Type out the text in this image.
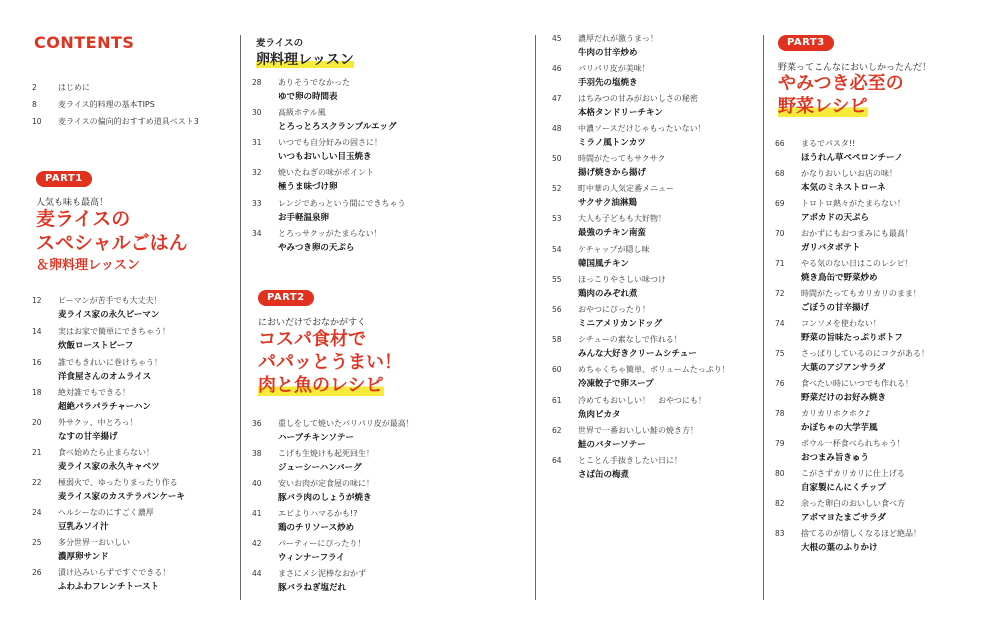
CONTENTS
2	はじめに
8	麦ライス的料理の基本TIPS
10	麦ライスの偏向的おすすめ道具ベスト3
PART1
人気も味も最高！
麦ライスの
スペシャルごはん
＆卵料理レッスン
12	ピーマンが苦手でも大丈夫！
麦ライス家の永久ピーマン
14	実はお家で簡単にできちゃう！
炊飯ローストビーフ
16	誰でもきれいに巻けちゃう！
洋食屋さんのオムライス
18	絶対誰でもできる！
超絶パラパラチャーハン
20	外サクッ、中とろっ！
なすの甘辛揚げ
21	食べ始めたら止まらない！
麦ライス家の永久キャベツ
22	極弱火で、ゆったりまったり作る
麦ライス家のカステラパンケーキ
24	ヘルシーなのにすごく濃厚
豆乳みソイ汁
25	多分世界一おいしい
濃厚卵サンド
26	漬け込みいらずですぐできる！
ふわふわフレンチトースト
麦ライスの
卵料理レッスン
28	ありそうでなかった
ゆで卵の時間表
30	高級ホテル風
とろっとろスクランブルエッグ
31	いつでも自分好みの固さに！
いつもおいしい目玉焼き
32	焼いたねぎの味がポイント
極うま味づけ卵
33	レンジであっという間にできちゃう
お手軽温泉卵
34	とろっサクッがたまらない！
やみつき卵の天ぷら
PART2
においだけでおなかがすく
コスパ食材で
パパッとうまい！
肉と魚のレシピ
36	重しをして焼いたパリパリ皮が最高！
ハーブチキンソテー
38	こげも生焼けも起死回生！
ジューシーハンバーグ
40	安いお肉が定食屋の味に！
豚バラ肉のしょうが焼き
41	エビよりハマるかも!?
鶏のチリソース炒め
42	パーティーにぴったり！
ウィンナーフライ
44	まさにメシ泥棒なおかず
豚バラねぎ塩だれ
45	濃厚だれが激うまっ！
牛肉の甘辛炒め
46	パリパリ皮が美味！
手羽先の塩焼き
47	はちみつの甘みがおいしさの秘密
本格タンドリーチキン
48	中濃ソースだけじゃもったいない！
ミラノ風トンカツ
50	時間がたってもサクサク
揚げ焼きから揚げ
52	町中華の人気定番メニュー
サクサク油淋鶏
53	大人も子どもも大好物！
最強のチキン南蛮
54	ケチャップが隠し味
韓国風チキン
55	ほっこりやさしい味つけ
鶏肉のみぞれ煮
56	おやつにぴったり！
ミニアメリカンドッグ
58	シチューの素なしで作れる！
みんな大好きクリームシチュー
60	めちゃくちゃ簡単、ボリュームたっぷり！
冷凍餃子で卵スープ
61	冷めてもおいしい！　おやつにも！
魚肉ピカタ
62	世界で一番おいしい鮭の焼き方！
鮭のバターソテー
64	とことん手抜きしたい日に！
さば缶の梅煮
PART3
野菜ってこんなにおいしかったんだ！
やみつき必至の
野菜レシピ
66	まるでパスタ!!
ほうれん草ペペロンチーノ
68	かなりおいしいお店の味！
本気のミネストローネ
69	トロトロ熱々がたまらない！
アボカドの天ぷら
70	おかずにもおつまみにも最高！
ガリバタポテト
71	やる気のない日はこのレシピ！
焼き鳥缶で野菜炒め
72	時間がたってもカリカリのまま！
ごぼうの甘辛揚げ
74	コンソメを使わない！
野菜の旨味たっぷりポトフ
75	さっぱりしているのにコクがある！
大葉のアジアンサラダ
76	食べたい時にいつでも作れる！
野菜だけのお好み焼き
78	カリカリホクホク♪
かぼちゃの大学芋風
79	ボウル一杯食べられちゃう！
おつまみ旨きゅう
80	こがさずカリカリに仕上げる
自家製にんにくチップ
82	余った卵白のおいしい食べ方
アボマヨたまごサラダ
83	捨てるのが惜しくなるほど絶品！
大根の葉のふりかけ
